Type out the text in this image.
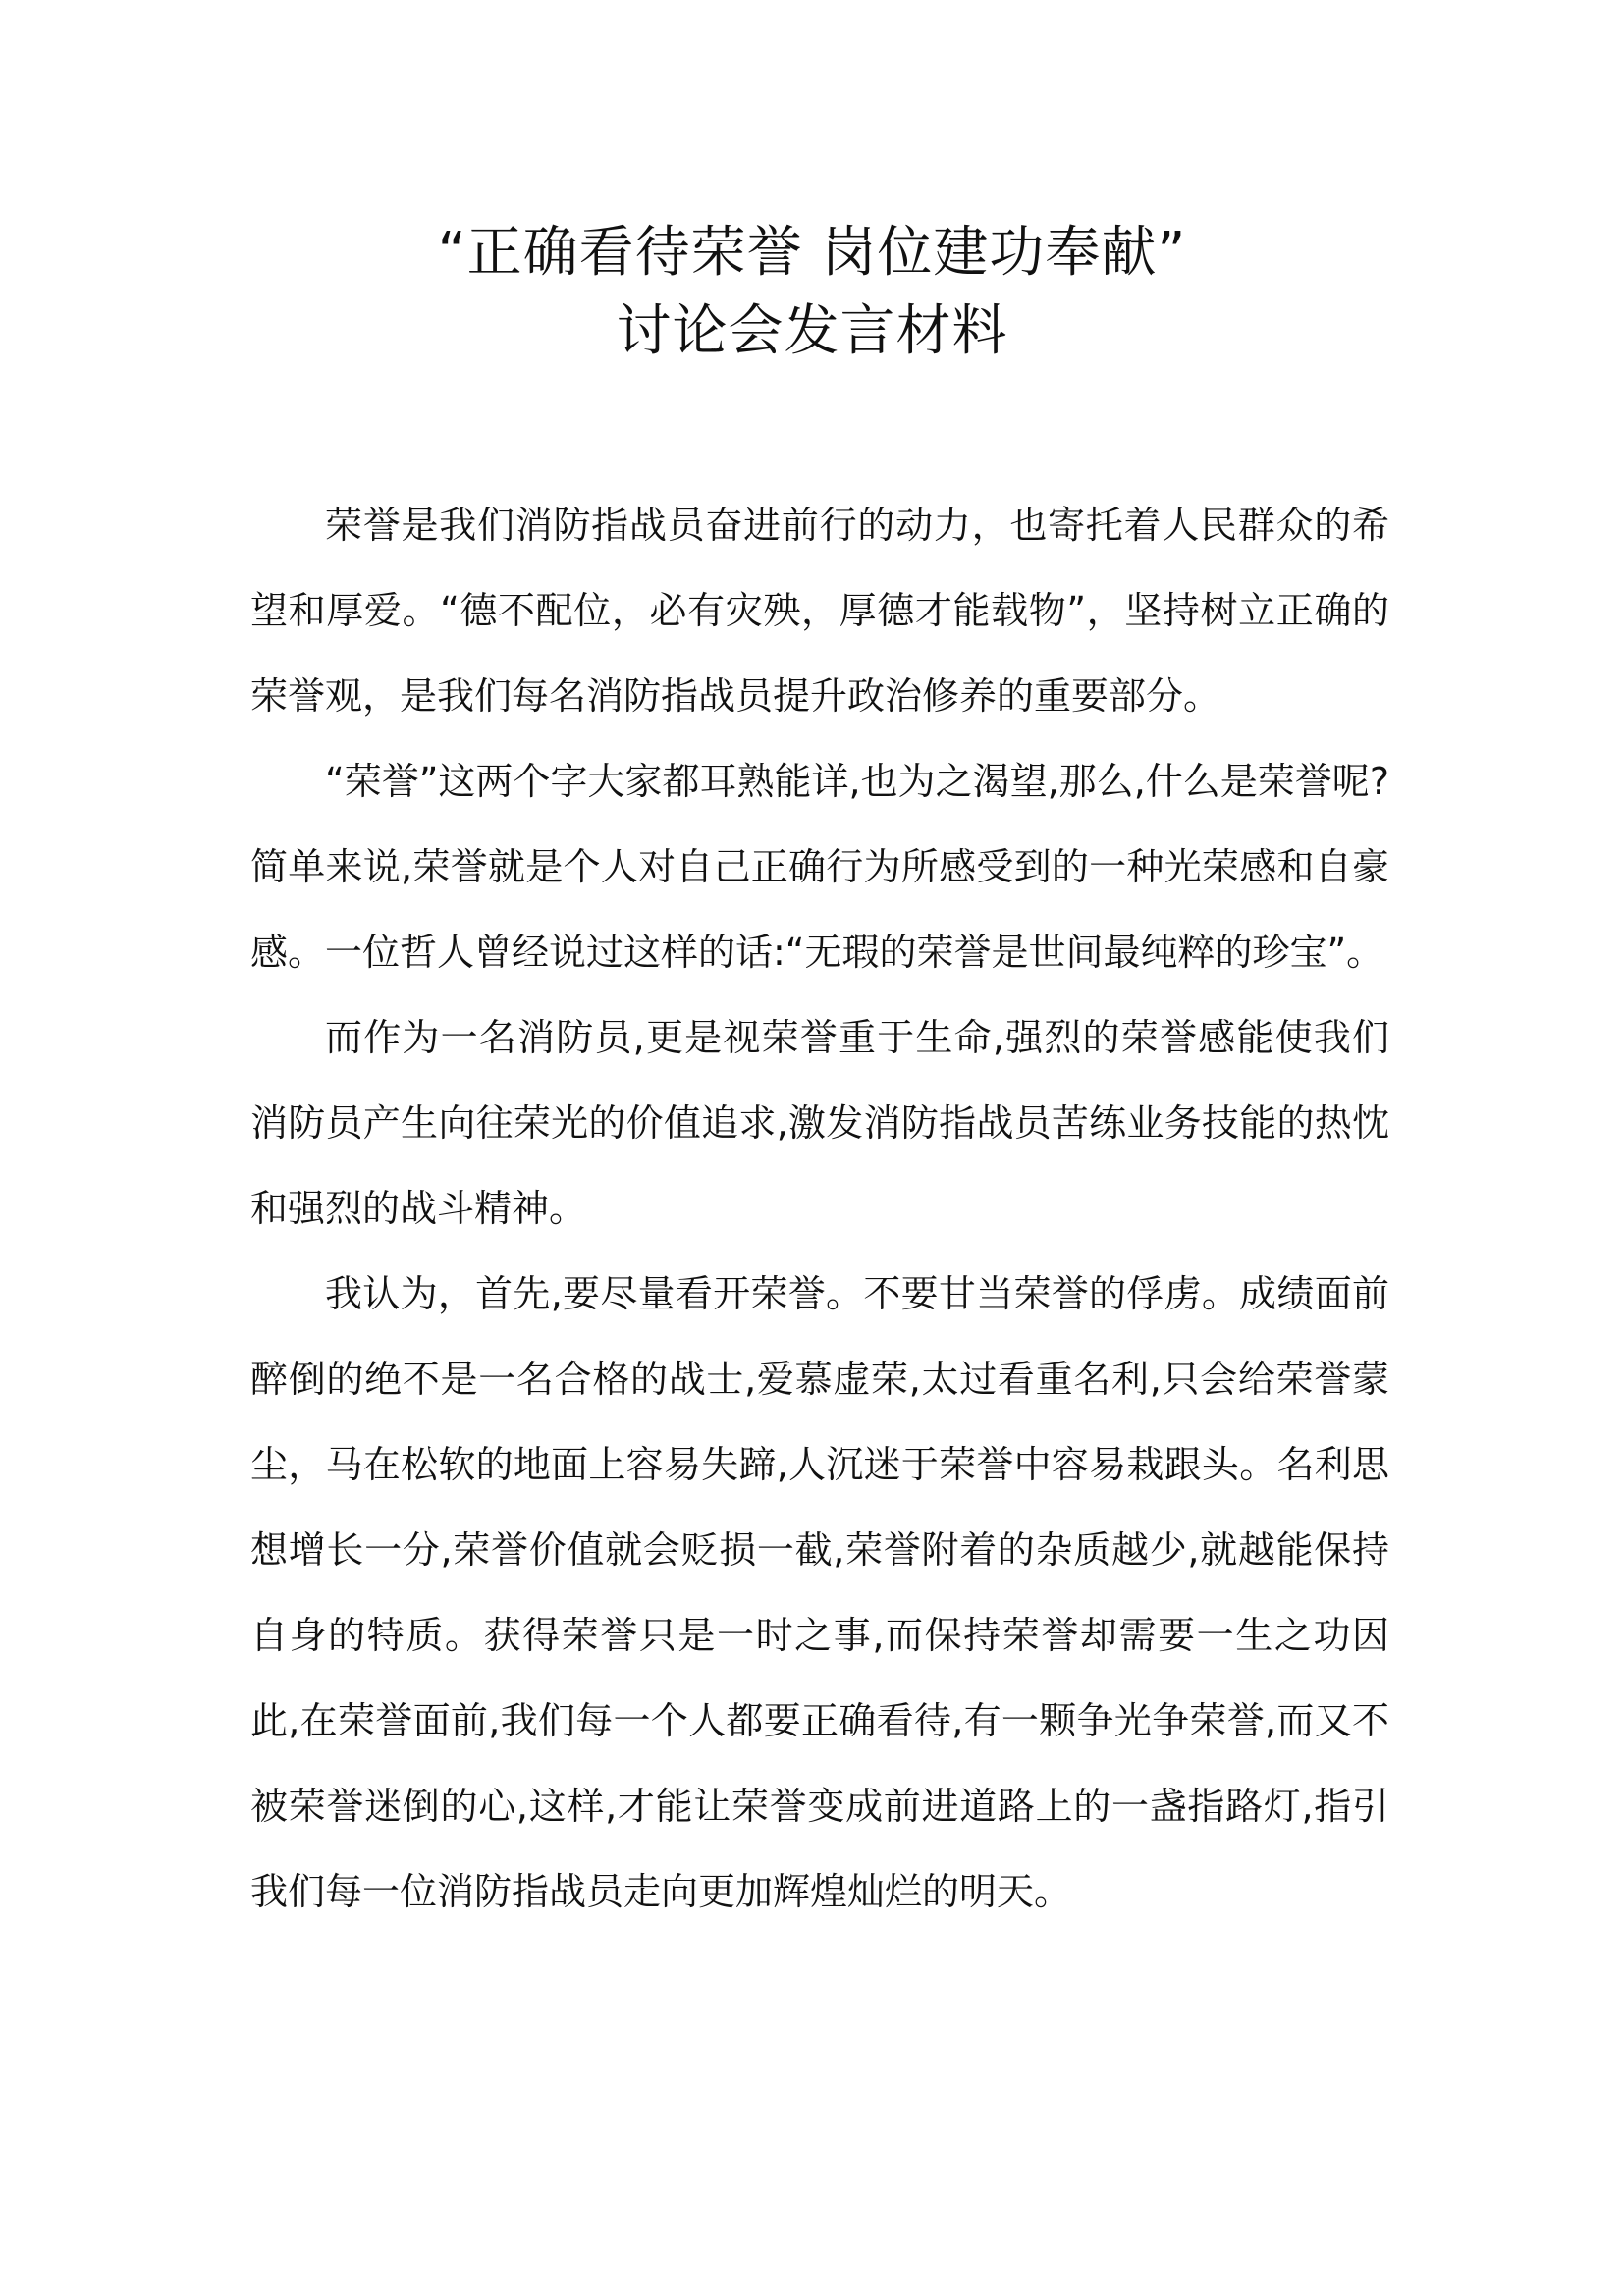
“正确看待荣誉 岗位建功奉献”
讨论会发言材料

荣誉是我们消防指战员奋进前行的动力，也寄托着人民群众的希望和厚爱。“德不配位，必有灾殃，厚德才能载物”，坚持树立正确的荣誉观，是我们每名消防指战员提升政治修养的重要部分。

“荣誉”这两个字大家都耳熟能详,也为之渴望,那么,什么是荣誉呢?简单来说,荣誉就是个人对自己正确行为所感受到的一种光荣感和自豪感。一位哲人曾经说过这样的话:“无瑕的荣誉是世间最纯粹的珍宝”。

而作为一名消防员,更是视荣誉重于生命,强烈的荣誉感能使我们消防员产生向往荣光的价值追求,激发消防指战员苦练业务技能的热忱和强烈的战斗精神。

我认为，首先,要尽量看开荣誉。不要甘当荣誉的俘虏。成绩面前醉倒的绝不是一名合格的战士,爱慕虚荣,太过看重名利,只会给荣誉蒙尘，马在松软的地面上容易失蹄,人沉迷于荣誉中容易栽跟头。名利思想增长一分,荣誉价值就会贬损一截,荣誉附着的杂质越少,就越能保持自身的特质。获得荣誉只是一时之事,而保持荣誉却需要一生之功因此,在荣誉面前,我们每一个人都要正确看待,有一颗争光争荣誉,而又不被荣誉迷倒的心,这样,才能让荣誉变成前进道路上的一盏指路灯,指引我们每一位消防指战员走向更加辉煌灿烂的明天。
